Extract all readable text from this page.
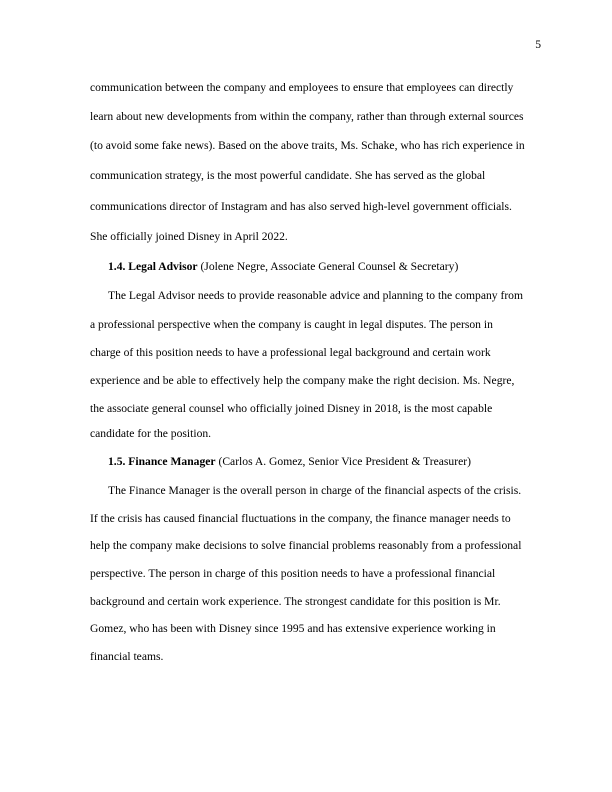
5
communication between the company and employees to ensure that employees can directly
learn about new developments from within the company, rather than through external sources
(to avoid some fake news). Based on the above traits, Ms. Schake, who has rich experience in
communication strategy, is the most powerful candidate. She has served as the global
communications director of Instagram and has also served high-level government officials.
She officially joined Disney in April 2022.
1.4. Legal Advisor (Jolene Negre, Associate General Counsel & Secretary)
The Legal Advisor needs to provide reasonable advice and planning to the company from
a professional perspective when the company is caught in legal disputes. The person in
charge of this position needs to have a professional legal background and certain work
experience and be able to effectively help the company make the right decision. Ms. Negre,
the associate general counsel who officially joined Disney in 2018, is the most capable
candidate for the position.
1.5. Finance Manager (Carlos A. Gomez, Senior Vice President & Treasurer)
The Finance Manager is the overall person in charge of the financial aspects of the crisis.
If the crisis has caused financial fluctuations in the company, the finance manager needs to
help the company make decisions to solve financial problems reasonably from a professional
perspective. The person in charge of this position needs to have a professional financial
background and certain work experience. The strongest candidate for this position is Mr.
Gomez, who has been with Disney since 1995 and has extensive experience working in
financial teams.
